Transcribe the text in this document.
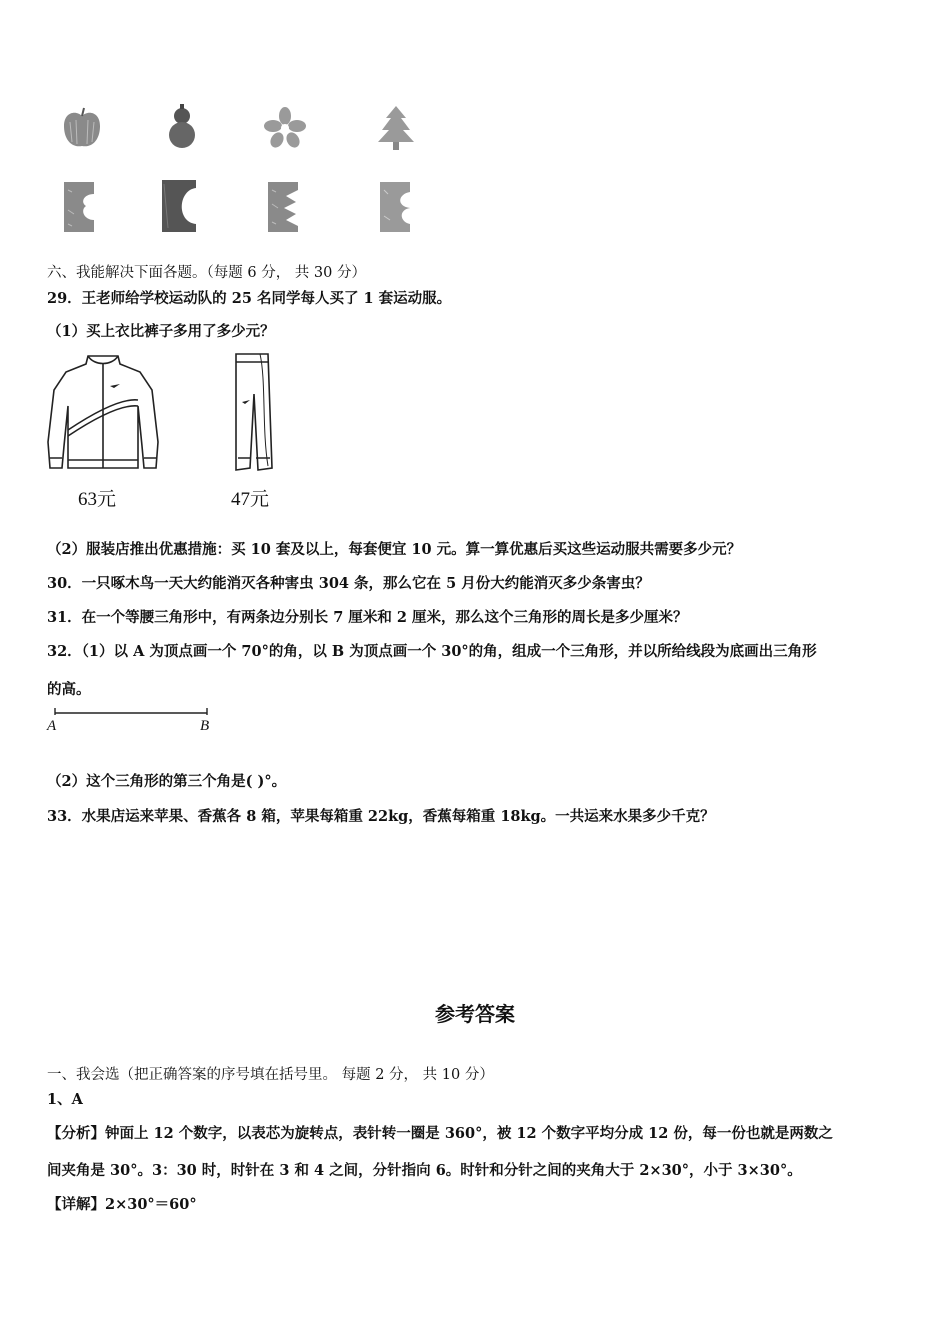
六、我能解决下面各题。（每题 6 分， 共 30 分）
29．王老师给学校运动队的 25 名同学每人买了 1 套运动服。
（1）买上衣比裤子多用了多少元？
63元	47元
（2）服装店推出优惠措施：买 10 套及以上，每套便宜 10 元。算一算优惠后买这些运动服共需要多少元？
30．一只啄木鸟一天大约能消灭各种害虫 304 条，那么它在 5 月份大约能消灭多少条害虫？
31．在一个等腰三角形中，有两条边分别长 7 厘米和 2 厘米，那么这个三角形的周长是多少厘米？
32．（1）以 A 为顶点画一个 70°的角，以 B 为顶点画一个 30°的角，组成一个三角形，并以所给线段为底画出三角形
的高。
A	B
（2）这个三角形的第三个角是( )°。
33．水果店运来苹果、香蕉各 8 箱，苹果每箱重 22kg，香蕉每箱重 18kg。一共运来水果多少千克？
参考答案
一、我会选（把正确答案的序号填在括号里。 每题 2 分， 共 10 分）
1、A
【分析】钟面上 12 个数字，以表芯为旋转点，表针转一圈是 360°，被 12 个数字平均分成 12 份，每一份也就是两数之
间夹角是 30°。3：30 时，时针在 3 和 4 之间，分针指向 6。时针和分针之间的夹角大于 2×30°，小于 3×30°。
【详解】2×30°＝60°
